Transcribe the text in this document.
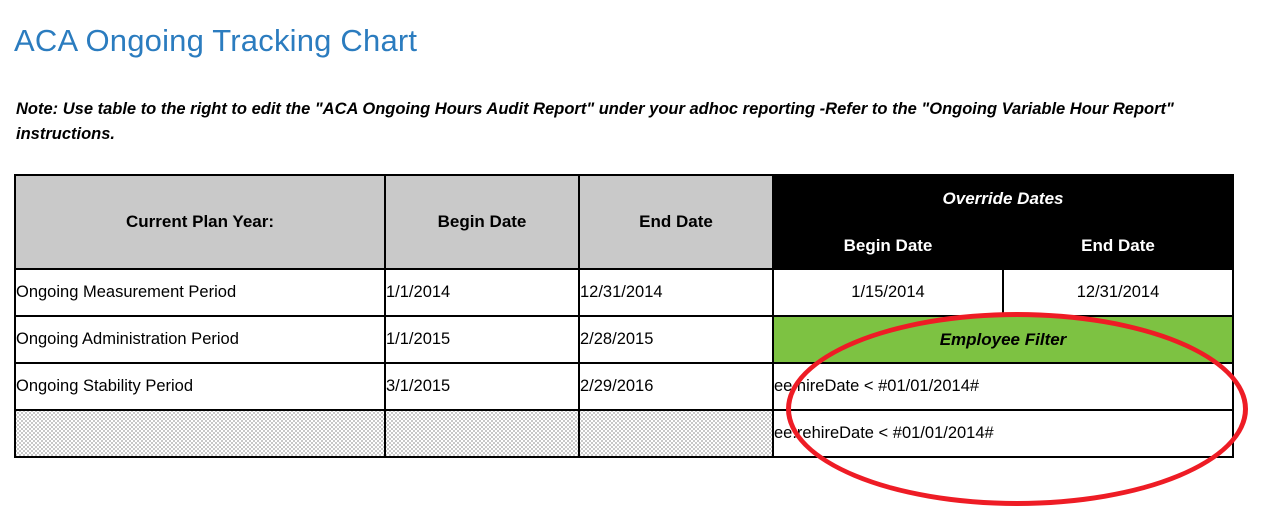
ACA Ongoing Tracking Chart

Note: Use table to the right to edit the "ACA Ongoing Hours Audit Report" under your adhoc reporting -Refer to the "Ongoing Variable Hour Report" instructions.

Current Plan Year:	Begin Date	End Date	Override Dates	
			Begin Date	End Date
Ongoing Measurement Period	1/1/2014	12/31/2014	1/15/2014	12/31/2014
Ongoing Administration Period	1/1/2015	2/28/2015	Employee Filter	
Ongoing Stability Period	3/1/2015	2/29/2016	ee.hireDate < #01/01/2014#	
			ee.rehireDate < #01/01/2014#	
